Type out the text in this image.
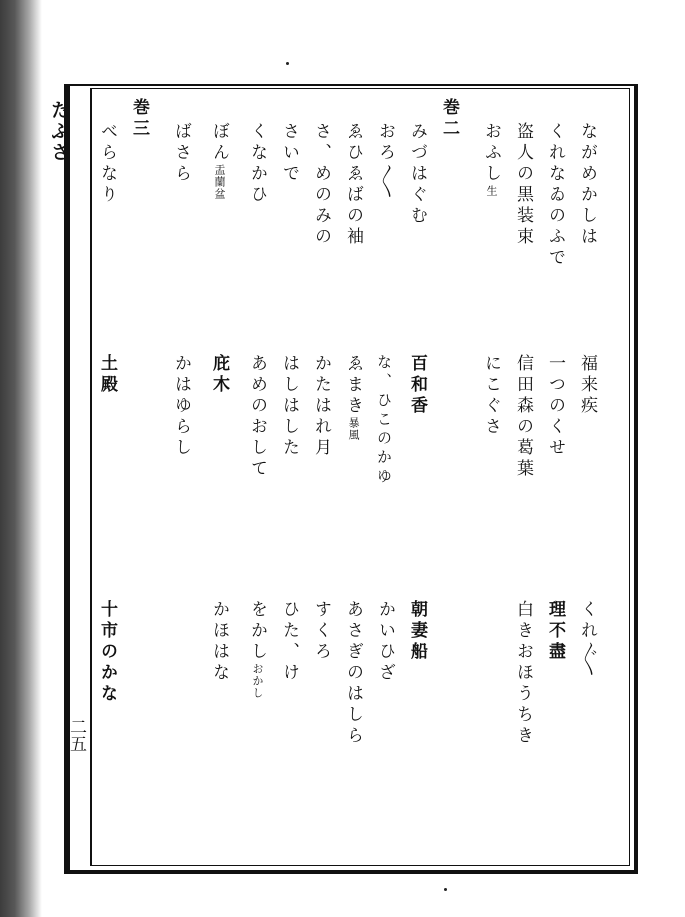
たふさ
二五
ながめかしは
福来疾
くれ〴〵
くれなゐのふで
一つのくせ
理不盡
盗人の黒装束
信田森の葛葉
白きおほうちき
おふし生
にこぐさ
巻二
みづはぐむ
百和香
朝妻船
おろ〳〵
な、ひこのかゆ
かいひざ
ゑひゑばの袖
ゑまき暴風
あさぎのはしら
さ、めのみの
かたはれ月
すくろ
さいで
はしはした
ひた、け
くなかひ
あめのおして
をかしおかし
ぼん盂蘭盆
庇木
かほはな
ばさら
かはゆらし
巻三
べらなり
土殿
十市のかな
